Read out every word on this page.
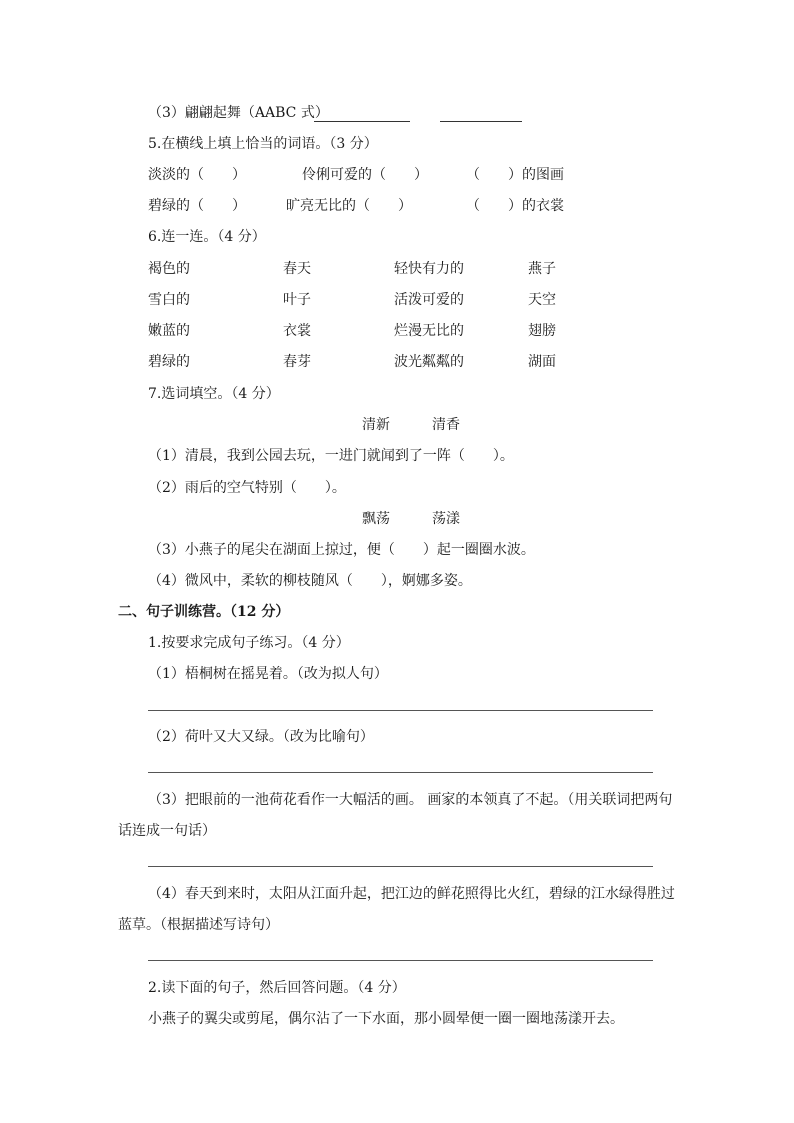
（3）翩翩起舞（AABC 式）
5.在横线上填上恰当的词语。（3 分）
淡淡的（　　）	伶俐可爱的（　　）	（　　）的图画
碧绿的（　　）	旷亮无比的（　　）	（　　）的衣裳
6.连一连。（4 分）
褐色的	春天	轻快有力的	燕子
雪白的	叶子	活泼可爱的	天空
嫩蓝的	衣裳	烂漫无比的	翅膀
碧绿的	春芽	波光粼粼的	湖面
7.选词填空。（4 分）
清新	清香
（1）清晨，我到公园去玩，一进门就闻到了一阵（　　）。
（2）雨后的空气特别（　　）。
飘荡	荡漾
（3）小燕子的尾尖在湖面上掠过，便（　　）起一圈圈水波。
（4）微风中，柔软的柳枝随风（　　），婀娜多姿。
二、句子训练营。（12 分）
1.按要求完成句子练习。（4 分）
（1）梧桐树在摇晃着。（改为拟人句）
（2）荷叶又大又绿。（改为比喻句）
（3）把眼前的一池荷花看作一大幅活的画。 画家的本领真了不起。（用关联词把两句
话连成一句话）
（4）春天到来时，太阳从江面升起，把江边的鲜花照得比火红，碧绿的江水绿得胜过
蓝草。（根据描述写诗句）
2.读下面的句子，然后回答问题。（4 分）
小燕子的翼尖或剪尾，偶尔沾了一下水面，那小圆晕便一圈一圈地荡漾开去。
